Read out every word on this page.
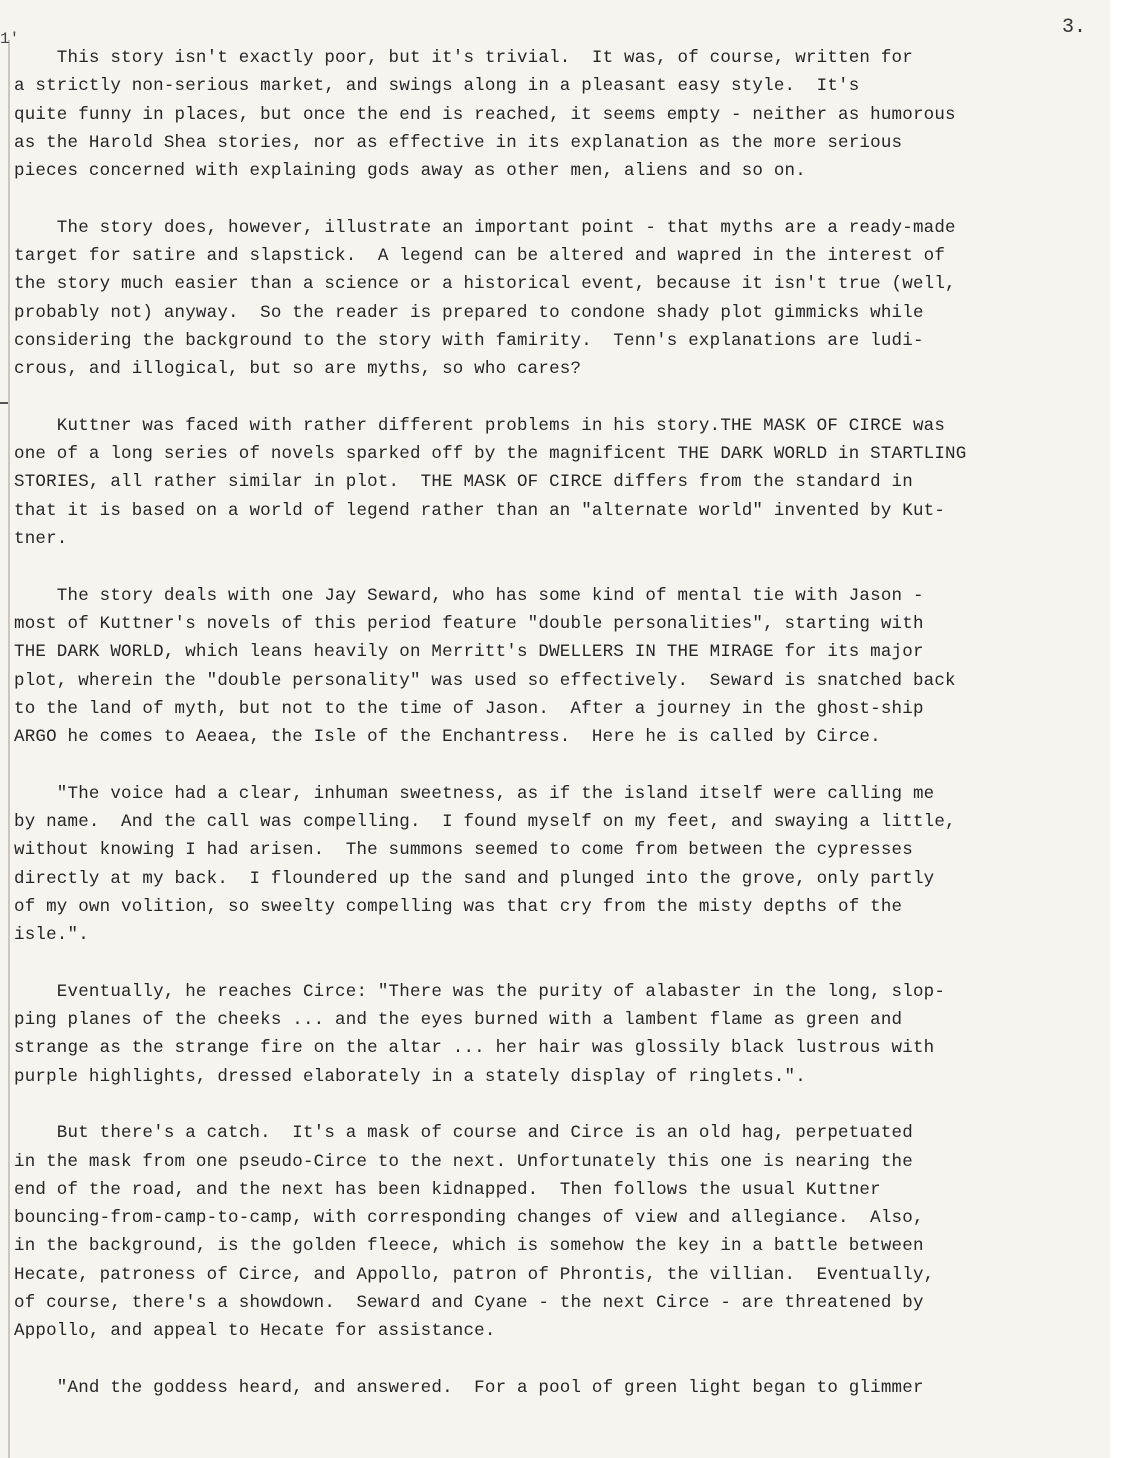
1'	3.
This story isn't exactly poor, but it's trivial.  It was, of course, written for
a strictly non-serious market, and swings along in a pleasant easy style.  It's
quite funny in places, but once the end is reached, it seems empty - neither as humorous
as the Harold Shea stories, nor as effective in its explanation as the more serious
pieces concerned with explaining gods away as other men, aliens and so on.
The story does, however, illustrate an important point - that myths are a ready-made
target for satire and slapstick.  A legend can be altered and wapred in the interest of
the story much easier than a science or a historical event, because it isn't true (well,
probably not) anyway.  So the reader is prepared to condone shady plot gimmicks while
considering the background to the story with famirity.  Tenn's explanations are ludi-
crous, and illogical, but so are myths, so who cares?
Kuttner was faced with rather different problems in his story.THE MASK OF CIRCE was
one of a long series of novels sparked off by the magnificent THE DARK WORLD in STARTLING
STORIES, all rather similar in plot.  THE MASK OF CIRCE differs from the standard in
that it is based on a world of legend rather than an "alternate world" invented by Kut-
tner.
The story deals with one Jay Seward, who has some kind of mental tie with Jason -
most of Kuttner's novels of this period feature "double personalities", starting with
THE DARK WORLD, which leans heavily on Merritt's DWELLERS IN THE MIRAGE for its major
plot, wherein the "double personality" was used so effectively.  Seward is snatched back
to the land of myth, but not to the time of Jason.  After a journey in the ghost-ship
ARGO he comes to Aeaea, the Isle of the Enchantress.  Here he is called by Circe.
"The voice had a clear, inhuman sweetness, as if the island itself were calling me
by name.  And the call was compelling.  I found myself on my feet, and swaying a little,
without knowing I had arisen.  The summons seemed to come from between the cypresses
directly at my back.  I floundered up the sand and plunged into the grove, only partly
of my own volition, so sweelty compelling was that cry from the misty depths of the
isle.".
Eventually, he reaches Circe: "There was the purity of alabaster in the long, slop-
ping planes of the cheeks ... and the eyes burned with a lambent flame as green and
strange as the strange fire on the altar ... her hair was glossily black lustrous with
purple highlights, dressed elaborately in a stately display of ringlets.".
But there's a catch.  It's a mask of course and Circe is an old hag, perpetuated
in the mask from one pseudo-Circe to the next. Unfortunately this one is nearing the
end of the road, and the next has been kidnapped.  Then follows the usual Kuttner
bouncing-from-camp-to-camp, with corresponding changes of view and allegiance.  Also,
in the background, is the golden fleece, which is somehow the key in a battle between
Hecate, patroness of Circe, and Appollo, patron of Phrontis, the villian.  Eventually,
of course, there's a showdown.  Seward and Cyane - the next Circe - are threatened by
Appollo, and appeal to Hecate for assistance.
"And the goddess heard, and answered.  For a pool of green light began to glimmer
